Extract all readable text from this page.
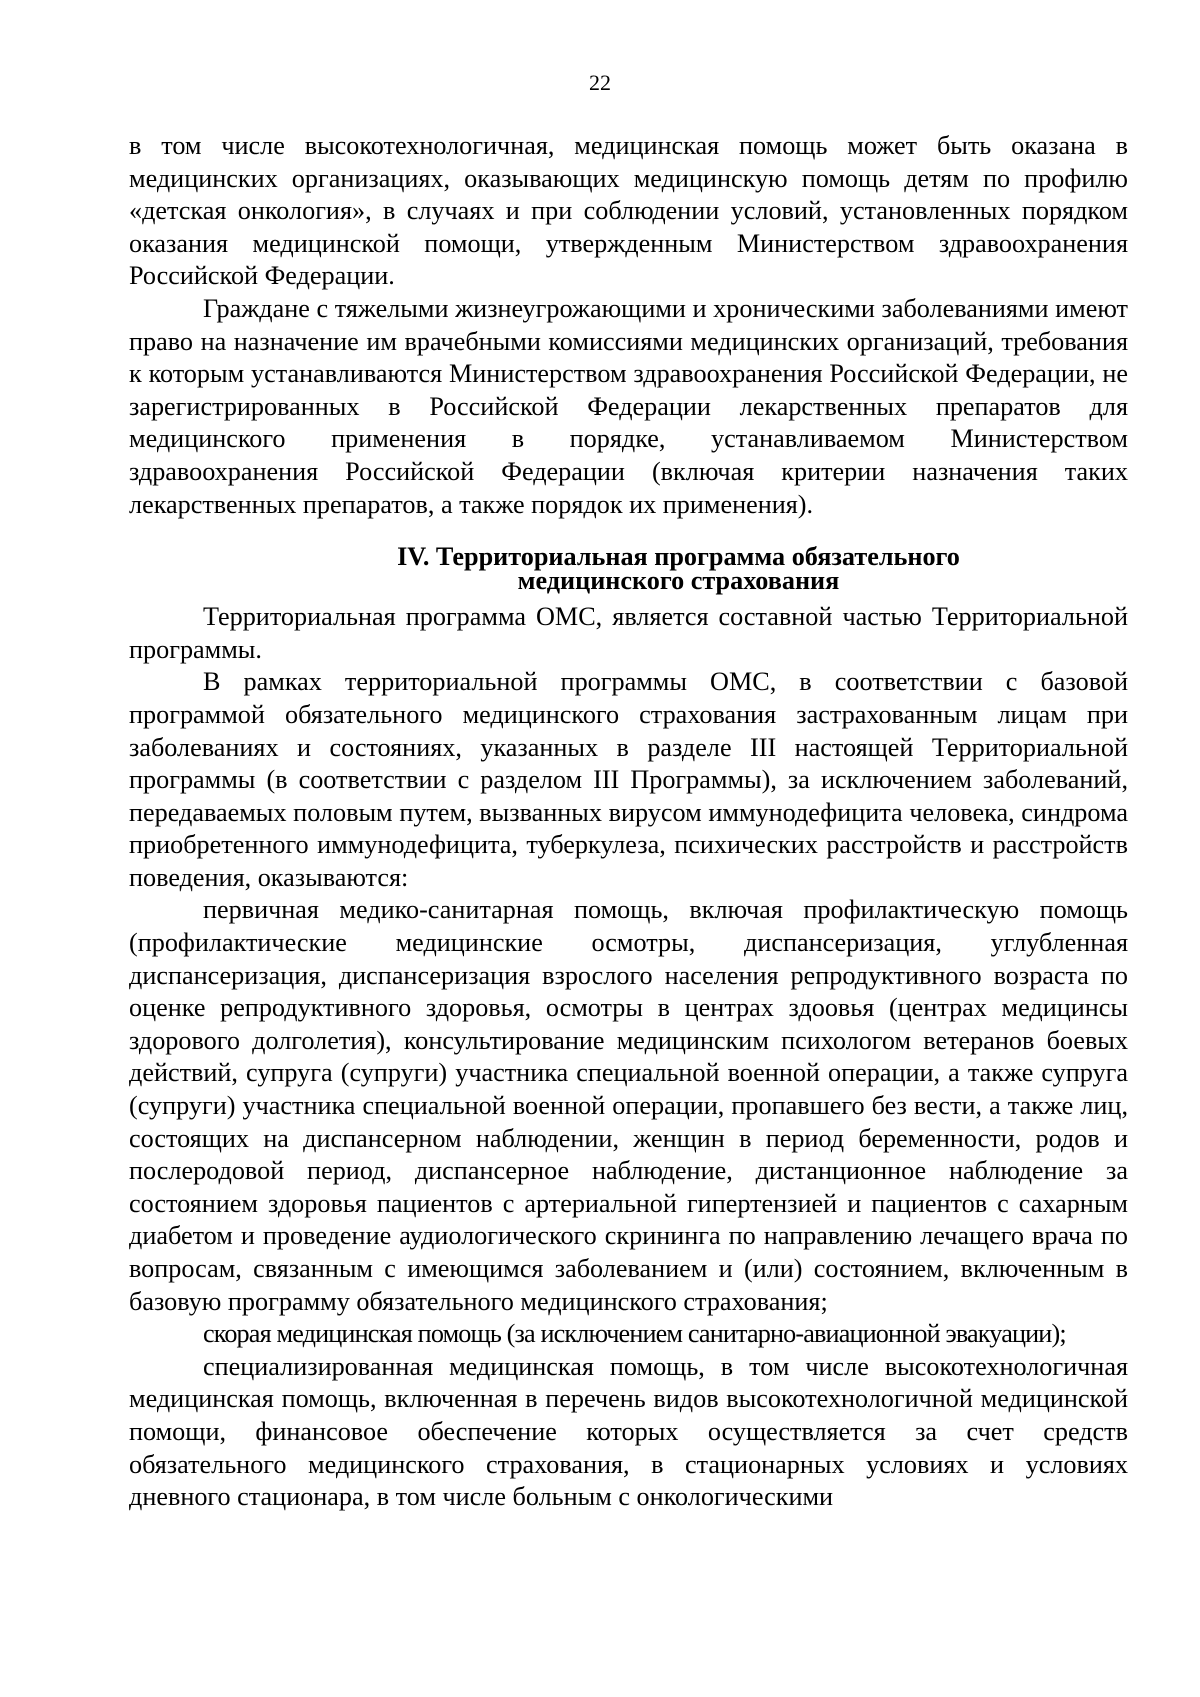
22

в том числе высокотехнологичная, медицинская помощь может быть оказана в медицинских организациях, оказывающих медицинскую помощь детям по профилю «детская онкология», в случаях и при соблюдении условий, установленных порядком оказания медицинской помощи, утвержденным Министерством здравоохранения Российской Федерации.

Граждане с тяжелыми жизнеугрожающими и хроническими заболеваниями имеют право на назначение им врачебными комиссиями медицинских организаций, требования к которым устанавливаются Министерством здравоохранения Российской Федерации, не зарегистрированных в Российской Федерации лекарственных препаратов для медицинского применения в порядке, устанавливаемом Министерством здравоохранения Российской Федерации (включая критерии назначения таких лекарственных препаратов, а также порядок их применения).

IV. Территориальная программа обязательного
медицинского страхования

Территориальная программа ОМС, является составной частью Территориальной программы.

В рамках территориальной программы ОМС, в соответствии с базовой программой обязательного медицинского страхования застрахованным лицам при заболеваниях и состояниях, указанных в разделе III настоящей Территориальной программы (в соответствии с разделом III Программы), за исключением заболеваний, передаваемых половым путем, вызванных вирусом иммунодефицита человека, синдрома приобретенного иммунодефицита, туберкулеза, психических расстройств и расстройств поведения, оказываются:

первичная медико-санитарная помощь, включая профилактическую помощь (профилактические медицинские осмотры, диспансеризация, углубленная диспансеризация, диспансеризация взрослого населения репродуктивного возраста по оценке репродуктивного здоровья, осмотры в центрах здоовья (центрах медицинсы здорового долголетия), консультирование медицинским психологом ветеранов боевых действий, супруга (супруги) участника специальной военной операции, а также супруга (супруги) участника специальной военной операции, пропавшего без вести, а также лиц, состоящих на диспансерном наблюдении, женщин в период беременности, родов и послеродовой период, диспансерное наблюдение, дистанционное наблюдение за состоянием здоровья пациентов с артериальной гипертензией и пациентов с сахарным диабетом и проведение аудиологического скрининга по направлению лечащего врача по вопросам, связанным с имеющимся заболеванием и (или) состоянием, включенным в базовую программу обязательного медицинского страхования;

скорая медицинская помощь (за исключением санитарно-авиационной эвакуации);

специализированная медицинская помощь, в том числе высокотехнологичная медицинская помощь, включенная в перечень видов высокотехнологичной медицинской помощи, финансовое обеспечение которых осуществляется за счет средств обязательного медицинского страхования, в стационарных условиях и условиях дневного стационара, в том числе больным с онкологическими
